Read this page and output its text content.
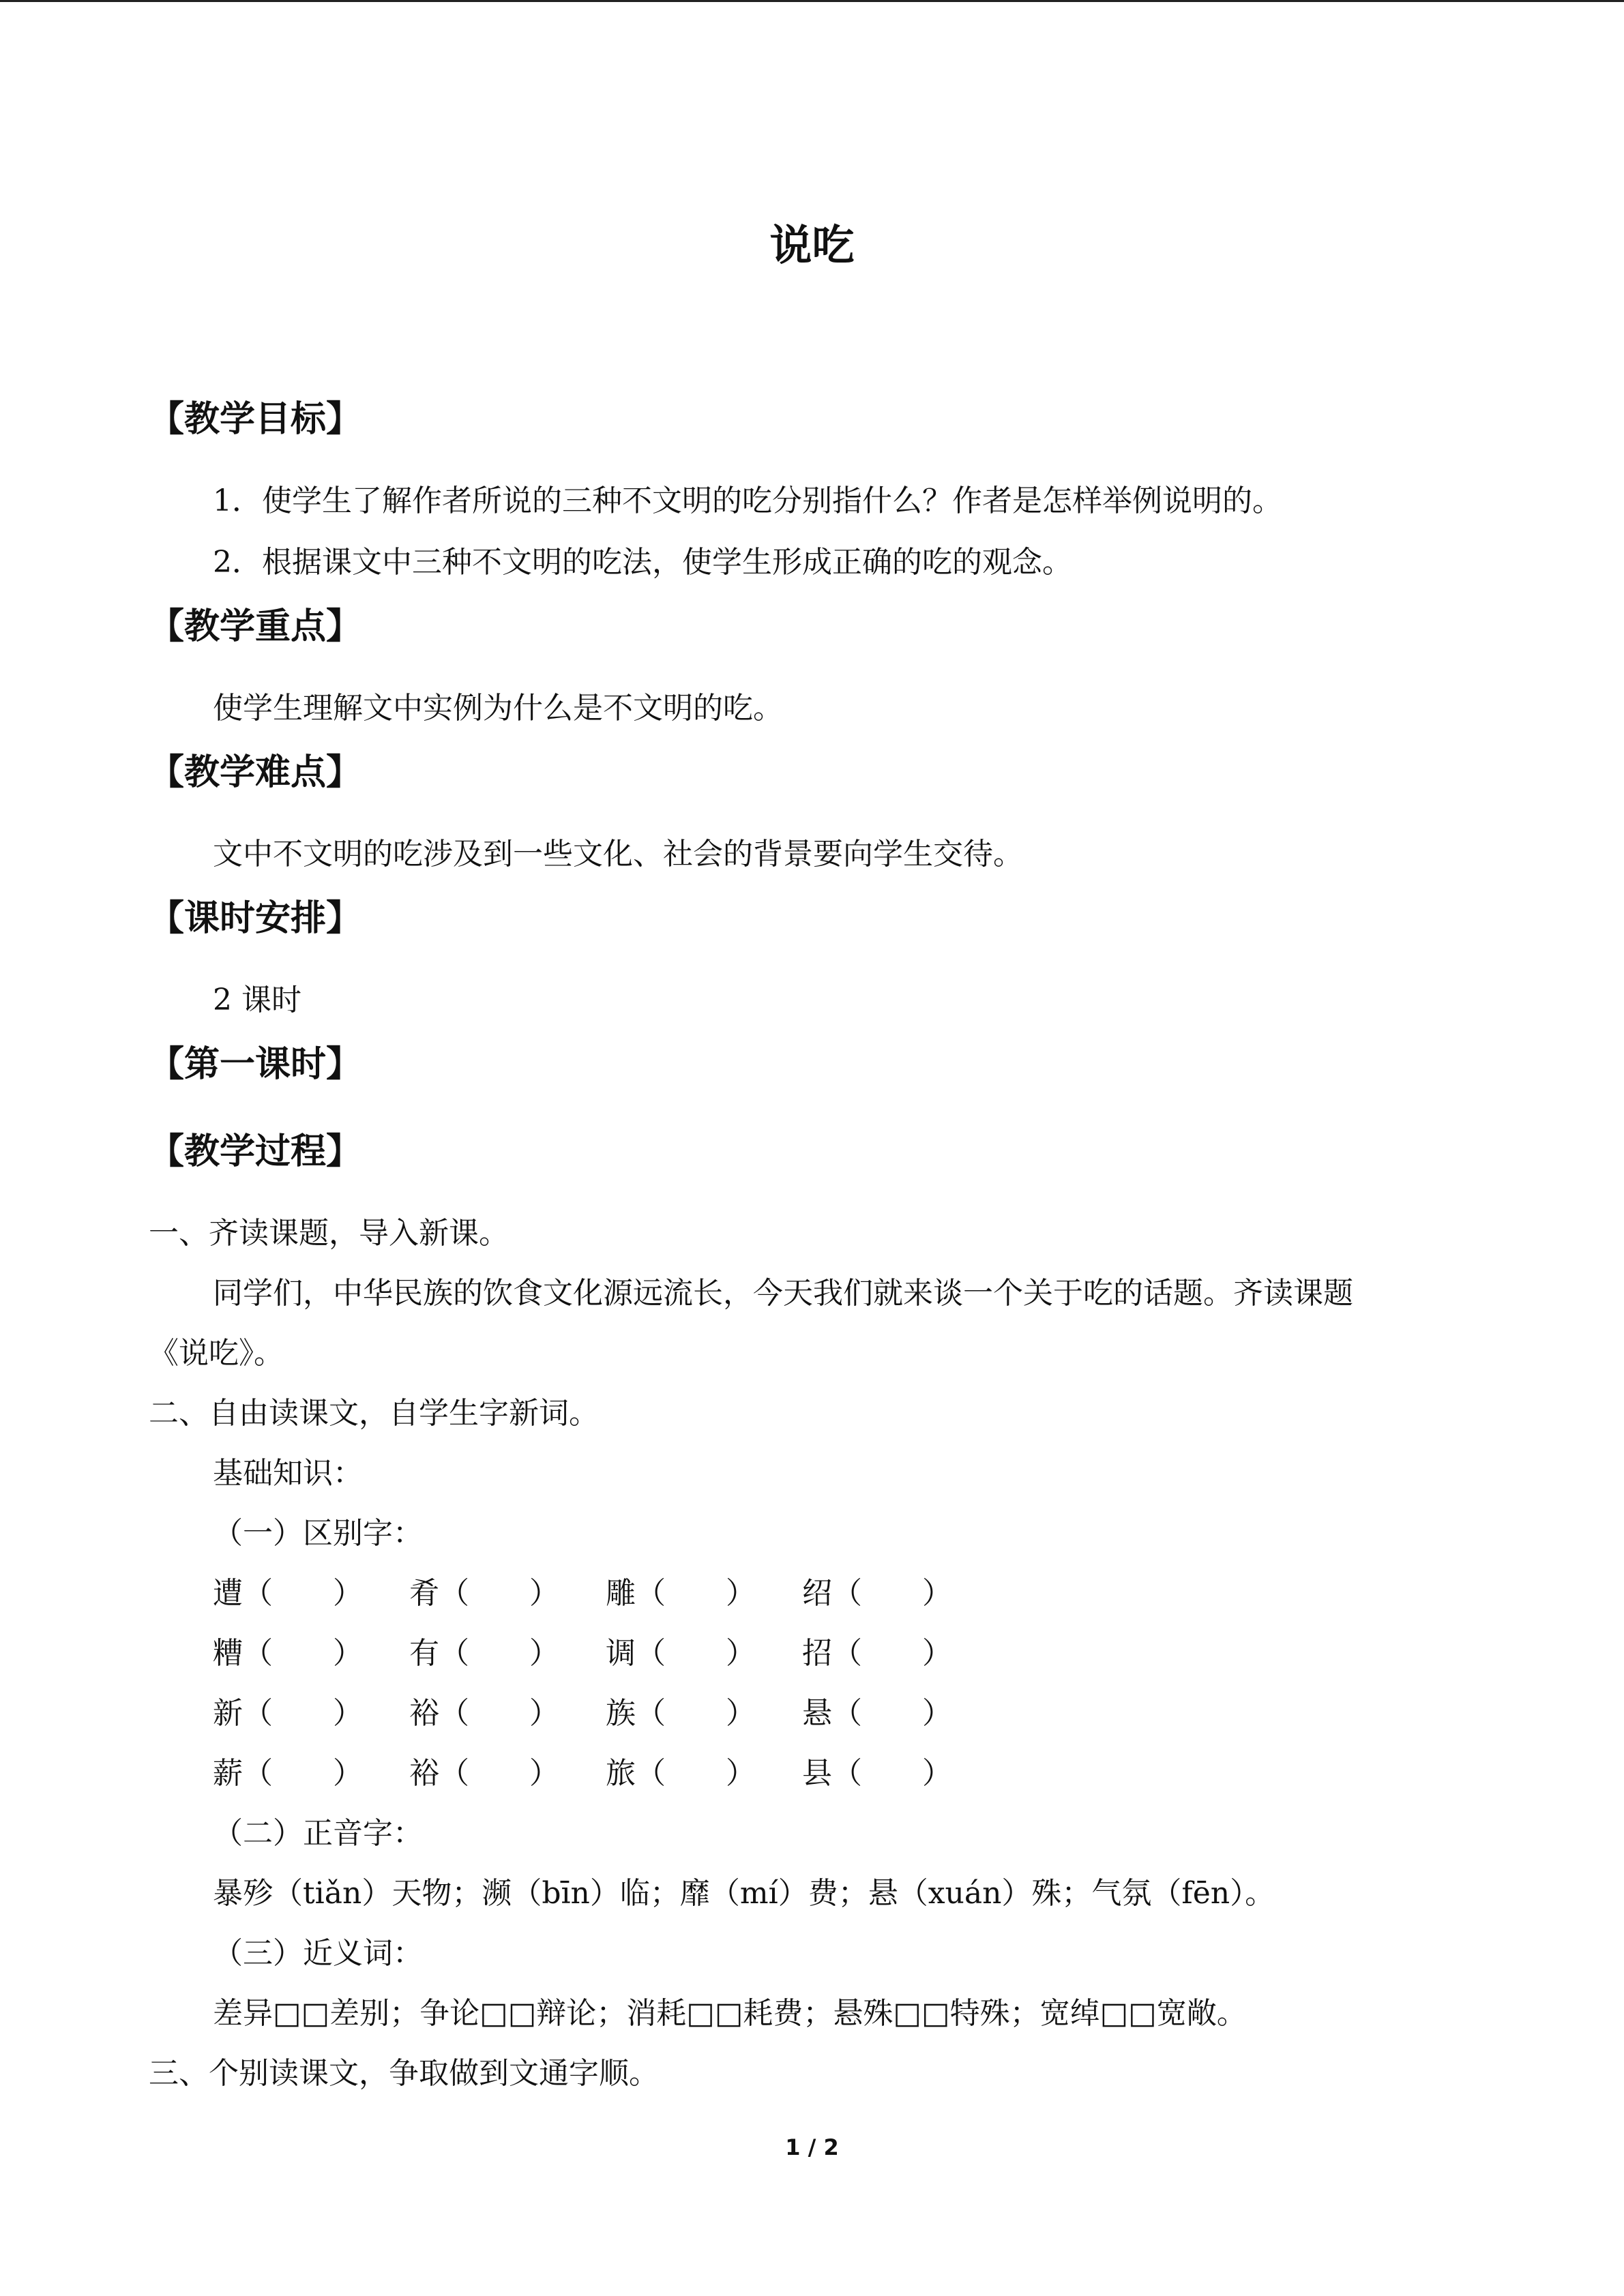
说吃
【教学目标】
1．使学生了解作者所说的三种不文明的吃分别指什么？作者是怎样举例说明的。
2．根据课文中三种不文明的吃法，使学生形成正确的吃的观念。
【教学重点】
使学生理解文中实例为什么是不文明的吃。
【教学难点】
文中不文明的吃涉及到一些文化、社会的背景要向学生交待。
【课时安排】
2 课时
【第一课时】
【教学过程】
一、齐读课题，导入新课。
同学们，中华民族的饮食文化源远流长，今天我们就来谈一个关于吃的话题。齐读课题
《说吃》。
二、自由读课文，自学生字新词。
基础知识：
（一）区别字：
遭（　　） 肴（　　） 雕（　　） 绍（　　）
糟（　　） 有（　　） 调（　　） 招（　　）
新（　　） 裕（　　） 族（　　） 悬（　　）
薪（　　） 裕（　　） 旅（　　） 县（　　）
（二）正音字：
暴殄（tiǎn）天物；濒（bīn）临；靡（mí）费；悬（xuán）殊；气氛（fēn）。
（三）近义词：
差异□□差别；争论□□辩论；消耗□□耗费；悬殊□□特殊；宽绰□□宽敞。
三、个别读课文，争取做到文通字顺。
1 / 2
